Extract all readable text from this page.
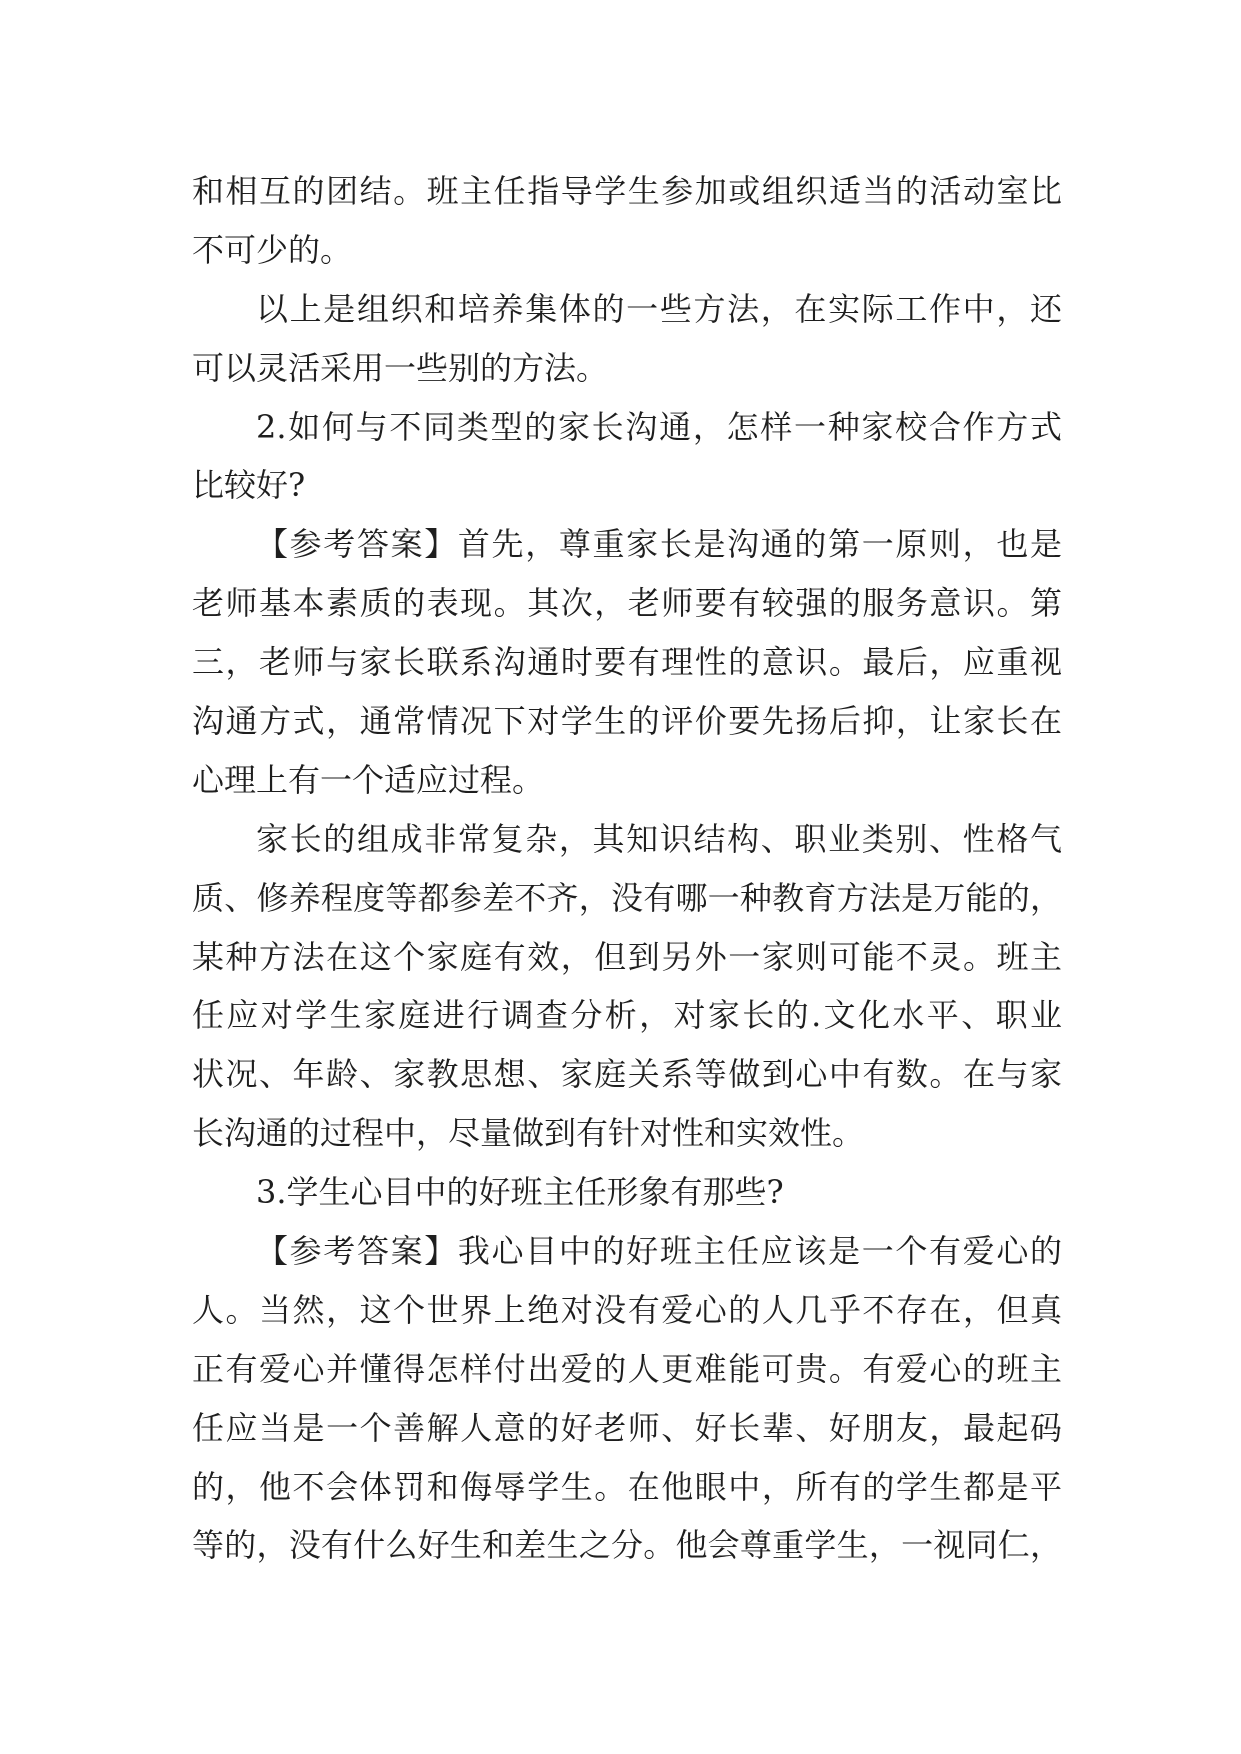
和相互的团结。班主任指导学生参加或组织适当的活动室比
不可少的。
以上是组织和培养集体的一些方法，在实际工作中，还
可以灵活采用一些别的方法。
2.如何与不同类型的家长沟通，怎样一种家校合作方式
比较好?
【参考答案】首先，尊重家长是沟通的第一原则，也是
老师基本素质的表现。其次，老师要有较强的服务意识。第
三，老师与家长联系沟通时要有理性的意识。最后，应重视
沟通方式，通常情况下对学生的评价要先扬后抑，让家长在
心理上有一个适应过程。
家长的组成非常复杂，其知识结构、职业类别、性格气
质、修养程度等都参差不齐，没有哪一种教育方法是万能的，
某种方法在这个家庭有效，但到另外一家则可能不灵。班主
任应对学生家庭进行调查分析，对家长的.文化水平、职业
状况、年龄、家教思想、家庭关系等做到心中有数。在与家
长沟通的过程中，尽量做到有针对性和实效性。
3.学生心目中的好班主任形象有那些?
【参考答案】我心目中的好班主任应该是一个有爱心的
人。当然，这个世界上绝对没有爱心的人几乎不存在，但真
正有爱心并懂得怎样付出爱的人更难能可贵。有爱心的班主
任应当是一个善解人意的好老师、好长辈、好朋友，最起码
的，他不会体罚和侮辱学生。在他眼中，所有的学生都是平
等的，没有什么好生和差生之分。他会尊重学生，一视同仁，
